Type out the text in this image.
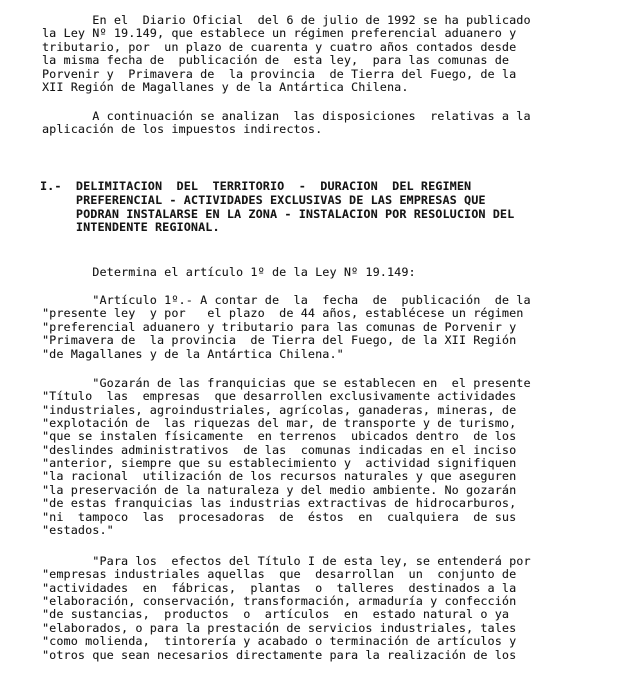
En el  Diario Oficial  del 6 de julio de 1992 se ha publicado
la Ley Nº 19.149, que establece un régimen preferencial aduanero y
tributario, por  un plazo de cuarenta y cuatro años contados desde
la misma fecha de  publicación de  esta ley,  para las comunas de
Porvenir y  Primavera de  la provincia  de Tierra del Fuego, de la
XII Región de Magallanes y de la Antártica Chilena.
A continuación se analizan  las disposiciones  relativas a la
aplicación de los impuestos indirectos.
I.-  DELIMITACION  DEL  TERRITORIO  -  DURACION  DEL REGIMEN
PREFERENCIAL - ACTIVIDADES EXCLUSIVAS DE LAS EMPRESAS QUE
PODRAN INSTALARSE EN LA ZONA - INSTALACION POR RESOLUCION DEL
INTENDENTE REGIONAL.
Determina el artículo 1º de la Ley Nº 19.149:
"Artículo 1º.- A contar de  la  fecha  de  publicación  de la
"presente ley  y por   el plazo  de 44 años, establécese un régimen
"preferencial aduanero y tributario para las comunas de Porvenir y
"Primavera de  la provincia  de Tierra del Fuego, de la XII Región
"de Magallanes y de la Antártica Chilena."
"Gozarán de las franquicias que se establecen en  el presente
"Título  las  empresas  que desarrollen exclusivamente actividades
"industriales, agroindustriales, agrícolas, ganaderas, mineras, de
"explotación de  las riquezas del mar, de transporte y de turismo,
"que se instalen físicamente  en terrenos  ubicados dentro  de los
"deslindes administrativos  de las  comunas indicadas en el inciso
"anterior, siempre que su establecimiento y  actividad signifiquen
"la racional  utilización de los recursos naturales y que aseguren
"la preservación de la naturaleza y del medio ambiente. No gozarán
"de estas franquicias las industrias extractivas de hidrocarburos,
"ni  tampoco  las  procesadoras  de  éstos  en  cualquiera  de sus
"estados."
"Para los  efectos del Título I de esta ley, se entenderá por
"empresas industriales aquellas  que  desarrollan  un  conjunto de
"actividades  en  fábricas,  plantas  o  talleres  destinados a la
"elaboración, conservación, transformación, armaduría y confección
"de sustancias,  productos  o  artículos  en  estado natural o ya
"elaborados, o para la prestación de servicios industriales, tales
"como molienda,  tintorería y acabado o terminación de artículos y
"otros que sean necesarios directamente para la realización de los
